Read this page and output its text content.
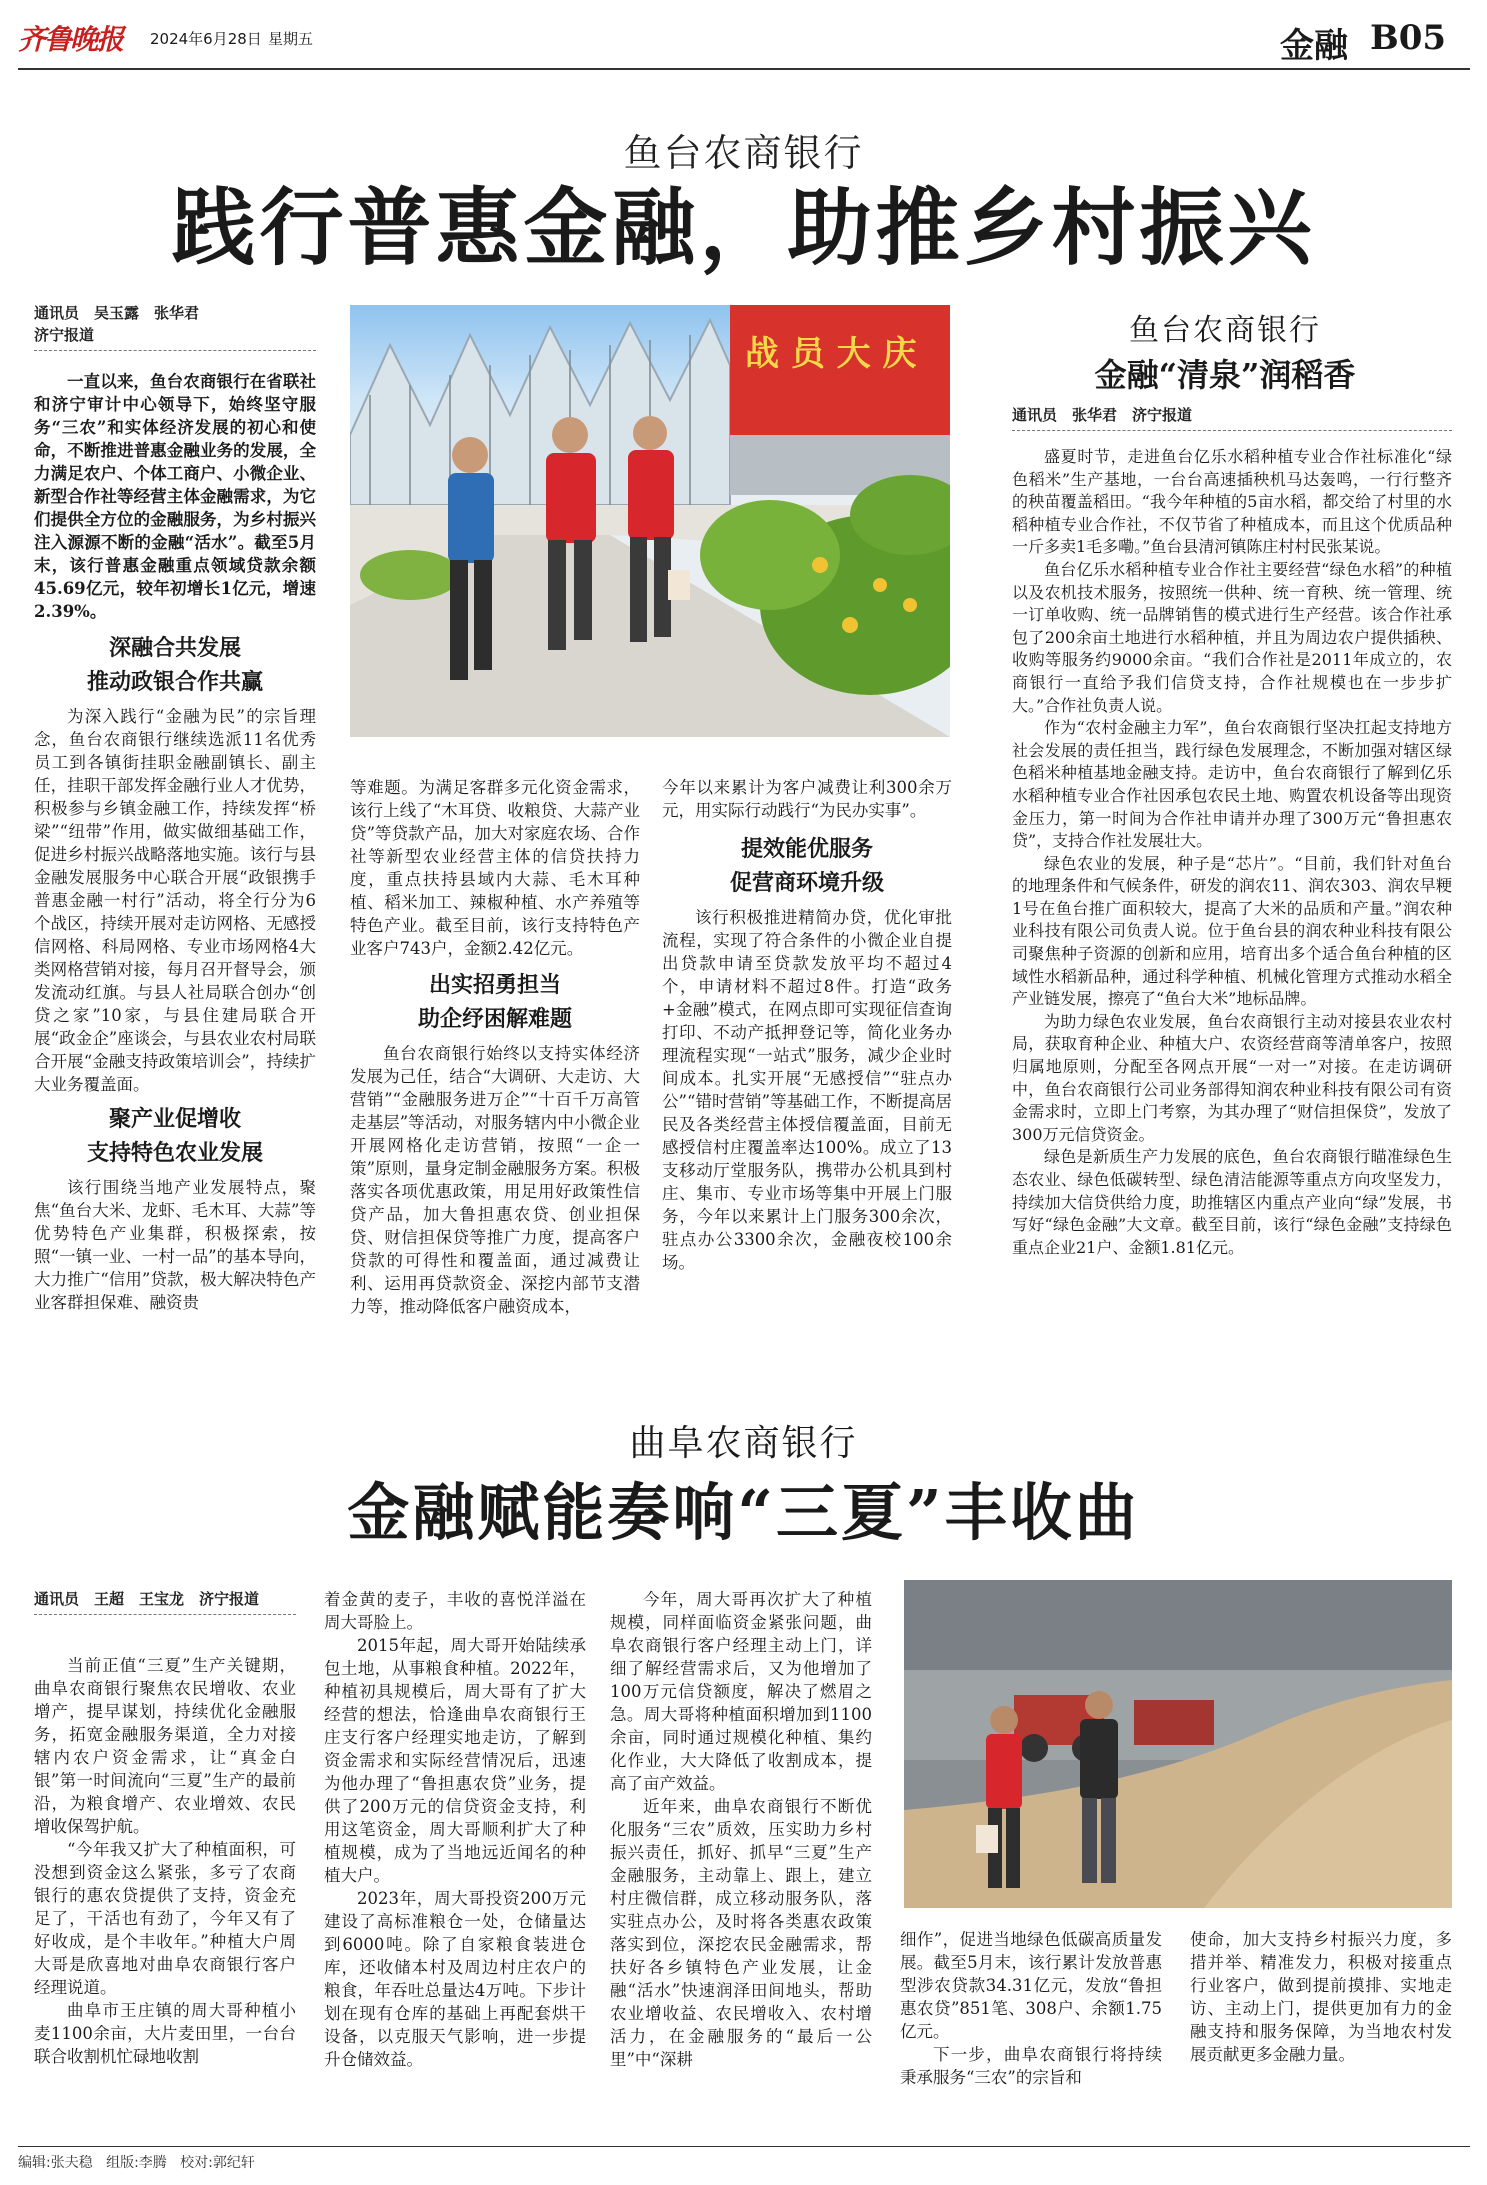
齐鲁晚报 2024年6月28日 星期五	金融 B05
鱼台农商银行
践行普惠金融，助推乡村振兴
通讯员　吴玉露　张华君
济宁报道

一直以来，鱼台农商银行在省联社和济宁审计中心领导下，始终坚守服务“三农”和实体经济发展的初心和使命，不断推进普惠金融业务的发展，全力满足农户、个体工商户、小微企业、新型合作社等经营主体金融需求，为它们提供全方位的金融服务，为乡村振兴注入源源不断的金融“活水”。截至5月末，该行普惠金融重点领域贷款余额45.69亿元，较年初增长1亿元，增速2.39%。

深融合共发展
推动政银合作共赢

为深入践行“金融为民”的宗旨理念，鱼台农商银行继续选派11名优秀员工到各镇街挂职金融副镇长、副主任，挂职干部发挥金融行业人才优势，积极参与乡镇金融工作，持续发挥“桥梁”“纽带”作用，做实做细基础工作，促进乡村振兴战略落地实施。该行与县金融发展服务中心联合开展“政银携手普惠金融一村行”活动，将全行分为6个战区，持续开展对走访网格、无感授信网格、科局网格、专业市场网格4大类网格营销对接，每月召开督导会，颁发流动红旗。与县人社局联合创办“创贷之家”10家，与县住建局联合开展“政金企”座谈会，与县农业农村局联合开展“金融支持政策培训会”，持续扩大业务覆盖面。

聚产业促增收
支持特色农业发展

该行围绕当地产业发展特点，聚焦“鱼台大米、龙虾、毛木耳、大蒜”等优势特色产业集群，积极探索，按照“一镇一业、一村一品”的基本导向，大力推广“信用”贷款，极大解决特色产业客群担保难、融资贵

战 员 大 庆

等难题。为满足客群多元化资金需求，该行上线了“木耳贷、收粮贷、大蒜产业贷”等贷款产品，加大对家庭农场、合作社等新型农业经营主体的信贷扶持力度，重点扶持县域内大蒜、毛木耳种植、稻米加工、辣椒种植、水产养殖等特色产业。截至目前，该行支持特色产业客户743户，金额2.42亿元。

出实招勇担当
助企纾困解难题

鱼台农商银行始终以支持实体经济发展为己任，结合“大调研、大走访、大营销”“金融服务进万企”“十百千万高管走基层”等活动，对服务辖内中小微企业开展网格化走访营销，按照“一企一策”原则，量身定制金融服务方案。积极落实各项优惠政策，用足用好政策性信贷产品，加大鲁担惠农贷、创业担保贷、财信担保贷等推广力度，提高客户贷款的可得性和覆盖面，通过减费让利、运用再贷款资金、深挖内部节支潜力等，推动降低客户融资成本，

今年以来累计为客户减费让利300余万元，用实际行动践行“为民办实事”。

提效能优服务
促营商环境升级

该行积极推进精简办贷，优化审批流程，实现了符合条件的小微企业自提出贷款申请至贷款发放平均不超过4个，申请材料不超过8件。打造“政务+金融”模式，在网点即可实现征信查询打印、不动产抵押登记等，简化业务办理流程实现“一站式”服务，减少企业时间成本。扎实开展“无感授信”“驻点办公”“错时营销”等基础工作，不断提高居民及各类经营主体授信覆盖面，目前无感授信村庄覆盖率达100%。成立了13支移动厅堂服务队，携带办公机具到村庄、集市、专业市场等集中开展上门服务，今年以来累计上门服务300余次，驻点办公3300余次，金融夜校100余场。

鱼台农商银行
金融“清泉”润稻香
通讯员　张华君　济宁报道

盛夏时节，走进鱼台亿乐水稻种植专业合作社标准化“绿色稻米”生产基地，一台台高速插秧机马达轰鸣，一行行整齐的秧苗覆盖稻田。“我今年种植的5亩水稻，都交给了村里的水稻种植专业合作社，不仅节省了种植成本，而且这个优质品种一斤多卖1毛多嘞。”鱼台县清河镇陈庄村村民张某说。

鱼台亿乐水稻种植专业合作社主要经营“绿色水稻”的种植以及农机技术服务，按照统一供种、统一育秧、统一管理、统一订单收购、统一品牌销售的模式进行生产经营。该合作社承包了200余亩土地进行水稻种植，并且为周边农户提供插秧、收购等服务约9000余亩。“我们合作社是2011年成立的，农商银行一直给予我们信贷支持，合作社规模也在一步步扩大。”合作社负责人说。

作为“农村金融主力军”，鱼台农商银行坚决扛起支持地方社会发展的责任担当，践行绿色发展理念，不断加强对辖区绿色稻米种植基地金融支持。走访中，鱼台农商银行了解到亿乐水稻种植专业合作社因承包农民土地、购置农机设备等出现资金压力，第一时间为合作社申请并办理了300万元“鲁担惠农贷”，支持合作社发展壮大。

绿色农业的发展，种子是“芯片”。“目前，我们针对鱼台的地理条件和气候条件，研发的润农11、润农303、润农早粳1号在鱼台推广面积较大，提高了大米的品质和产量。”润农种业科技有限公司负责人说。位于鱼台县的润农种业科技有限公司聚焦种子资源的创新和应用，培育出多个适合鱼台种植的区域性水稻新品种，通过科学种植、机械化管理方式推动水稻全产业链发展，擦亮了“鱼台大米”地标品牌。

为助力绿色农业发展，鱼台农商银行主动对接县农业农村局，获取育种企业、种植大户、农资经营商等清单客户，按照归属地原则，分配至各网点开展“一对一”对接。在走访调研中，鱼台农商银行公司业务部得知润农种业科技有限公司有资金需求时，立即上门考察，为其办理了“财信担保贷”，发放了300万元信贷资金。

绿色是新质生产力发展的底色，鱼台农商银行瞄准绿色生态农业、绿色低碳转型、绿色清洁能源等重点方向攻坚发力，持续加大信贷供给力度，助推辖区内重点产业向“绿”发展，书写好“绿色金融”大文章。截至目前，该行“绿色金融”支持绿色重点企业21户、金额1.81亿元。

曲阜农商银行
金融赋能奏响“三夏”丰收曲
通讯员　王超　王宝龙　济宁报道

当前正值“三夏”生产关键期，曲阜农商银行聚焦农民增收、农业增产，提早谋划，持续优化金融服务，拓宽金融服务渠道，全力对接辖内农户资金需求，让“真金白银”第一时间流向“三夏”生产的最前沿，为粮食增产、农业增效、农民增收保驾护航。

“今年我又扩大了种植面积，可没想到资金这么紧张，多亏了农商银行的惠农贷提供了支持，资金充足了，干活也有劲了，今年又有了好收成，是个丰收年。”种植大户周大哥是欣喜地对曲阜农商银行客户经理说道。

曲阜市王庄镇的周大哥种植小麦1100余亩，大片麦田里，一台台联合收割机忙碌地收割

着金黄的麦子，丰收的喜悦洋溢在周大哥脸上。

2015年起，周大哥开始陆续承包土地，从事粮食种植。2022年，种植初具规模后，周大哥有了扩大经营的想法，恰逢曲阜农商银行王庄支行客户经理实地走访，了解到资金需求和实际经营情况后，迅速为他办理了“鲁担惠农贷”业务，提供了200万元的信贷资金支持，利用这笔资金，周大哥顺利扩大了种植规模，成为了当地远近闻名的种植大户。

2023年，周大哥投资200万元建设了高标准粮仓一处，仓储量达到6000吨。除了自家粮食装进仓库，还收储本村及周边村庄农户的粮食，年吞吐总量达4万吨。下步计划在现有仓库的基础上再配套烘干设备，以克服天气影响，进一步提升仓储效益。

今年，周大哥再次扩大了种植规模，同样面临资金紧张问题，曲阜农商银行客户经理主动上门，详细了解经营需求后，又为他增加了100万元信贷额度，解决了燃眉之急。周大哥将种植面积增加到1100余亩，同时通过规模化种植、集约化作业，大大降低了收割成本，提高了亩产效益。

近年来，曲阜农商银行不断优化服务“三农”质效，压实助力乡村振兴责任，抓好、抓早“三夏”生产金融服务，主动靠上、跟上，建立村庄微信群，成立移动服务队，落实驻点办公，及时将各类惠农政策落实到位，深挖农民金融需求，帮扶好各乡镇特色产业发展，让金融“活水”快速润泽田间地头，帮助农业增收益、农民增收入、农村增活力，在金融服务的“最后一公里”中“深耕

细作”，促进当地绿色低碳高质量发展。截至5月末，该行累计发放普惠型涉农贷款34.31亿元，发放“鲁担惠农贷”851笔、308户、余额1.75亿元。

下一步，曲阜农商银行将持续秉承服务“三农”的宗旨和

使命，加大支持乡村振兴力度，多措并举、精准发力，积极对接重点行业客户，做到提前摸排、实地走访、主动上门，提供更加有力的金融支持和服务保障，为当地农村发展贡献更多金融力量。

编辑:张夫稳 组版:李腾 校对:郭纪轩
